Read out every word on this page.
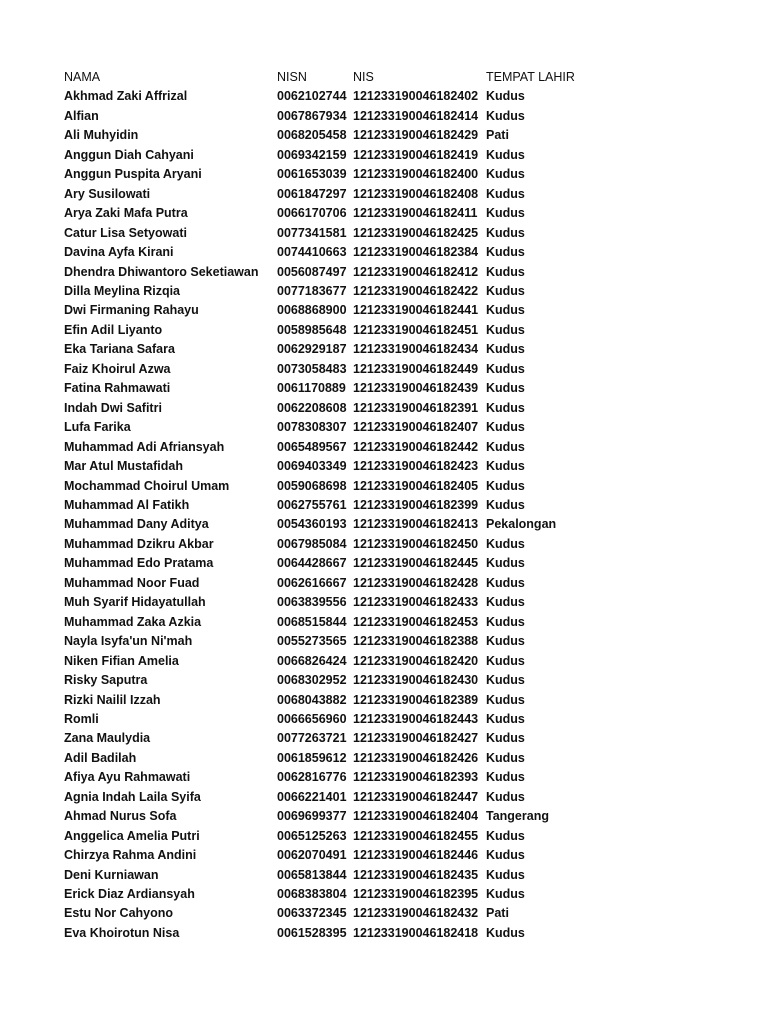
NAMA	NISN	NIS	TEMPAT LAHIR
Akhmad Zaki Affrizal	0062102744	121233190046182402	Kudus
Alfian	0067867934	121233190046182414	Kudus
Ali Muhyidin	0068205458	121233190046182429	Pati
Anggun Diah Cahyani	0069342159	121233190046182419	Kudus
Anggun Puspita Aryani	0061653039	121233190046182400	Kudus
Ary Susilowati	0061847297	121233190046182408	Kudus
Arya Zaki Mafa Putra	0066170706	121233190046182411	Kudus
Catur Lisa Setyowati	0077341581	121233190046182425	Kudus
Davina Ayfa Kirani	0074410663	121233190046182384	Kudus
Dhendra Dhiwantoro Seketiawan	0056087497	121233190046182412	Kudus
Dilla Meylina Rizqia	0077183677	121233190046182422	Kudus
Dwi Firmaning Rahayu	0068868900	121233190046182441	Kudus
Efin Adil Liyanto	0058985648	121233190046182451	Kudus
Eka Tariana Safara	0062929187	121233190046182434	Kudus
Faiz Khoirul Azwa	0073058483	121233190046182449	Kudus
Fatina Rahmawati	0061170889	121233190046182439	Kudus
Indah Dwi Safitri	0062208608	121233190046182391	Kudus
Lufa Farika	0078308307	121233190046182407	Kudus
Muhammad Adi Afriansyah	0065489567	121233190046182442	Kudus
Mar Atul Mustafidah	0069403349	121233190046182423	Kudus
Mochammad Choirul Umam	0059068698	121233190046182405	Kudus
Muhammad Al Fatikh	0062755761	121233190046182399	Kudus
Muhammad Dany Aditya	0054360193	121233190046182413	Pekalongan
Muhammad Dzikru Akbar	0067985084	121233190046182450	Kudus
Muhammad Edo Pratama	0064428667	121233190046182445	Kudus
Muhammad Noor Fuad	0062616667	121233190046182428	Kudus
Muh Syarif Hidayatullah	0063839556	121233190046182433	Kudus
Muhammad Zaka Azkia	0068515844	121233190046182453	Kudus
Nayla Isyfa'un Ni'mah	0055273565	121233190046182388	Kudus
Niken Fifian Amelia	0066826424	121233190046182420	Kudus
Risky Saputra	0068302952	121233190046182430	Kudus
Rizki Nailil Izzah	0068043882	121233190046182389	Kudus
Romli	0066656960	121233190046182443	Kudus
Zana Maulydia	0077263721	121233190046182427	Kudus
Adil Badilah	0061859612	121233190046182426	Kudus
Afiya Ayu Rahmawati	0062816776	121233190046182393	Kudus
Agnia Indah Laila Syifa	0066221401	121233190046182447	Kudus
Ahmad Nurus Sofa	0069699377	121233190046182404	Tangerang
Anggelica Amelia Putri	0065125263	121233190046182455	Kudus
Chirzya Rahma Andini	0062070491	121233190046182446	Kudus
Deni Kurniawan	0065813844	121233190046182435	Kudus
Erick Diaz Ardiansyah	0068383804	121233190046182395	Kudus
Estu Nor Cahyono	0063372345	121233190046182432	Pati
Eva Khoirotun Nisa	0061528395	121233190046182418	Kudus
